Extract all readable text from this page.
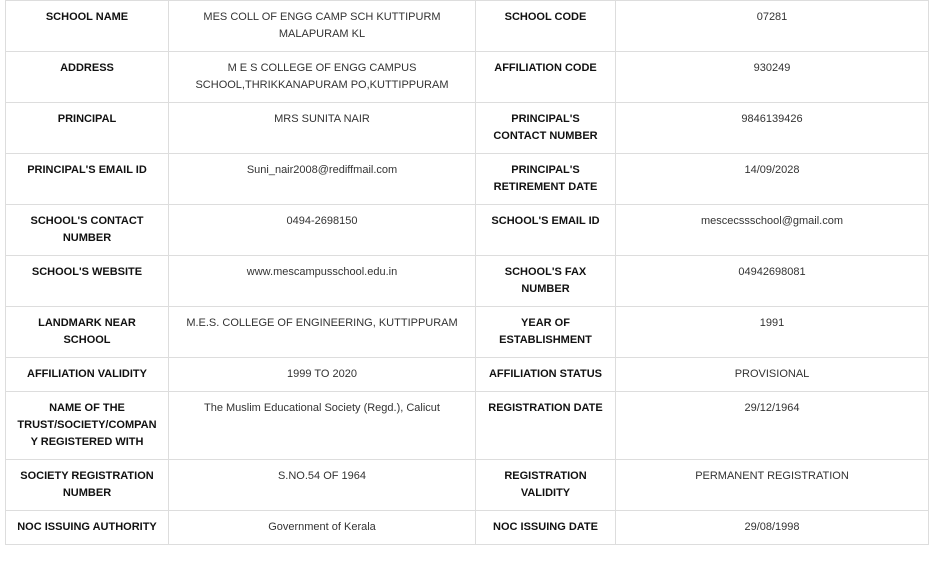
SCHOOL NAME	MES COLL OF ENGG CAMP SCH KUTTIPURM MALAPURAM KL	SCHOOL CODE	07281
ADDRESS	M E S COLLEGE OF ENGG CAMPUS SCHOOL,THRIKKANAPURAM PO,KUTTIPPURAM	AFFILIATION CODE	930249
PRINCIPAL	MRS SUNITA NAIR	PRINCIPAL'S CONTACT NUMBER	9846139426
PRINCIPAL'S EMAIL ID	Suni_nair2008@rediffmail.com	PRINCIPAL'S RETIREMENT DATE	14/09/2028
SCHOOL'S CONTACT NUMBER	0494-2698150	SCHOOL'S EMAIL ID	mescecssschool@gmail.com
SCHOOL'S WEBSITE	www.mescampusschool.edu.in	SCHOOL'S FAX NUMBER	04942698081
LANDMARK NEAR SCHOOL	M.E.S. COLLEGE OF ENGINEERING, KUTTIPPURAM	YEAR OF ESTABLISHMENT	1991
AFFILIATION VALIDITY	1999 TO 2020	AFFILIATION STATUS	PROVISIONAL
NAME OF THE TRUST/SOCIETY/COMPANY REGISTERED WITH	The Muslim Educational Society (Regd.), Calicut	REGISTRATION DATE	29/12/1964
SOCIETY REGISTRATION NUMBER	S.NO.54 OF 1964	REGISTRATION VALIDITY	PERMANENT REGISTRATION
NOC ISSUING AUTHORITY	Government of Kerala	NOC ISSUING DATE	29/08/1998
